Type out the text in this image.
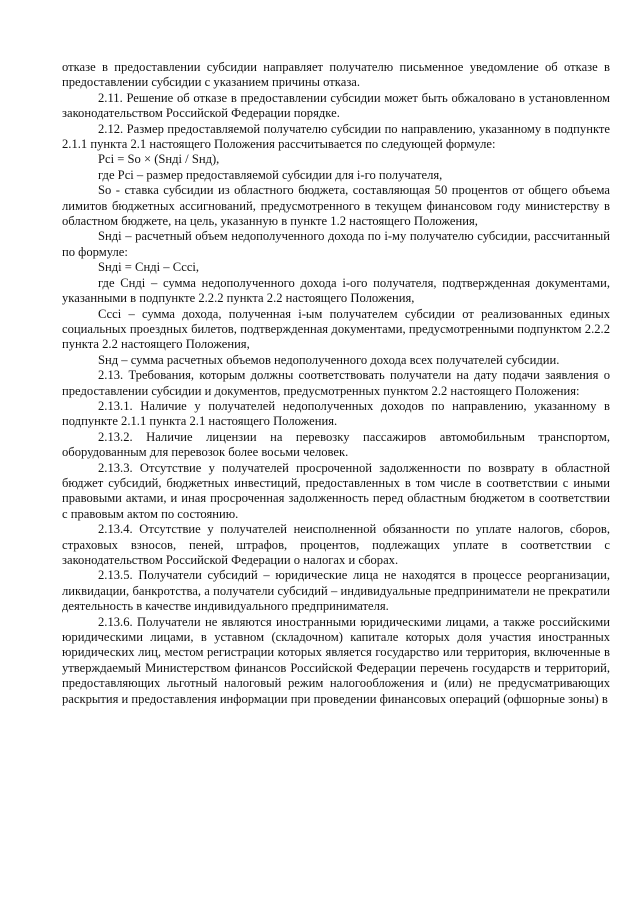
отказе в предоставлении субсидии направляет получателю письменное уведомление об отказе в предоставлении субсидии с указанием причины отказа.

2.11. Решение об отказе в предоставлении субсидии может быть обжаловано в установленном законодательством Российской Федерации порядке.

2.12. Размер предоставляемой получателю субсидии по направлению, указанному в подпункте 2.1.1 пункта 2.1 настоящего Положения рассчитывается по следующей формуле:

Pci = So × (Sнді / Sнд),

где Pci – размер предоставляемой субсидии для i-го получателя,

So - ставка субсидии из областного бюджета, составляющая 50 процентов от общего объема лимитов бюджетных ассигнований, предусмотренного в текущем финансовом году министерству в областном бюджете, на цель, указанную в пункте 1.2 настоящего Положения,

Sнді – расчетный объем недополученного дохода по і-му получателю субсидии, рассчитанный по формуле:

Sнді = Снді – Сссі,

где Снді – сумма недополученного дохода і-ого получателя, подтвержденная документами, указанными в подпункте 2.2.2 пункта 2.2 настоящего Положения,

Сссі – сумма дохода, полученная і-ым получателем субсидии от реализованных единых социальных проездных билетов, подтвержденная документами, предусмотренными подпунктом 2.2.2 пункта 2.2 настоящего Положения,

Sнд – сумма расчетных объемов недополученного дохода всех получателей субсидии.

2.13. Требования, которым должны соответствовать получатели на дату подачи заявления о предоставлении субсидии и документов, предусмотренных пунктом 2.2 настоящего Положения:

2.13.1. Наличие у получателей недополученных доходов по направлению, указанному в подпункте 2.1.1 пункта 2.1 настоящего Положения.

2.13.2. Наличие лицензии на перевозку пассажиров автомобильным транспортом, оборудованным для перевозок более восьми человек.

2.13.3. Отсутствие у получателей просроченной задолженности по возврату в областной бюджет субсидий, бюджетных инвестиций, предоставленных в том числе в соответствии с иными правовыми актами, и иная просроченная задолженность перед областным бюджетом в соответствии с правовым актом по состоянию.

2.13.4. Отсутствие у получателей неисполненной обязанности по уплате налогов, сборов, страховых взносов, пеней, штрафов, процентов, подлежащих уплате в соответствии с законодательством Российской Федерации о налогах и сборах.

2.13.5. Получатели субсидий – юридические лица не находятся в процессе реорганизации, ликвидации, банкротства, а получатели субсидий – индивидуальные предприниматели не прекратили деятельность в качестве индивидуального предпринимателя.

2.13.6. Получатели не являются иностранными юридическими лицами, а также российскими юридическими лицами, в уставном (складочном) капитале которых доля участия иностранных юридических лиц, местом регистрации которых является государство или территория, включенные в утверждаемый Министерством финансов Российской Федерации перечень государств и территорий, предоставляющих льготный налоговый режим налогообложения и (или) не предусматривающих раскрытия и предоставления информации при проведении финансовых операций (офшорные зоны) в
